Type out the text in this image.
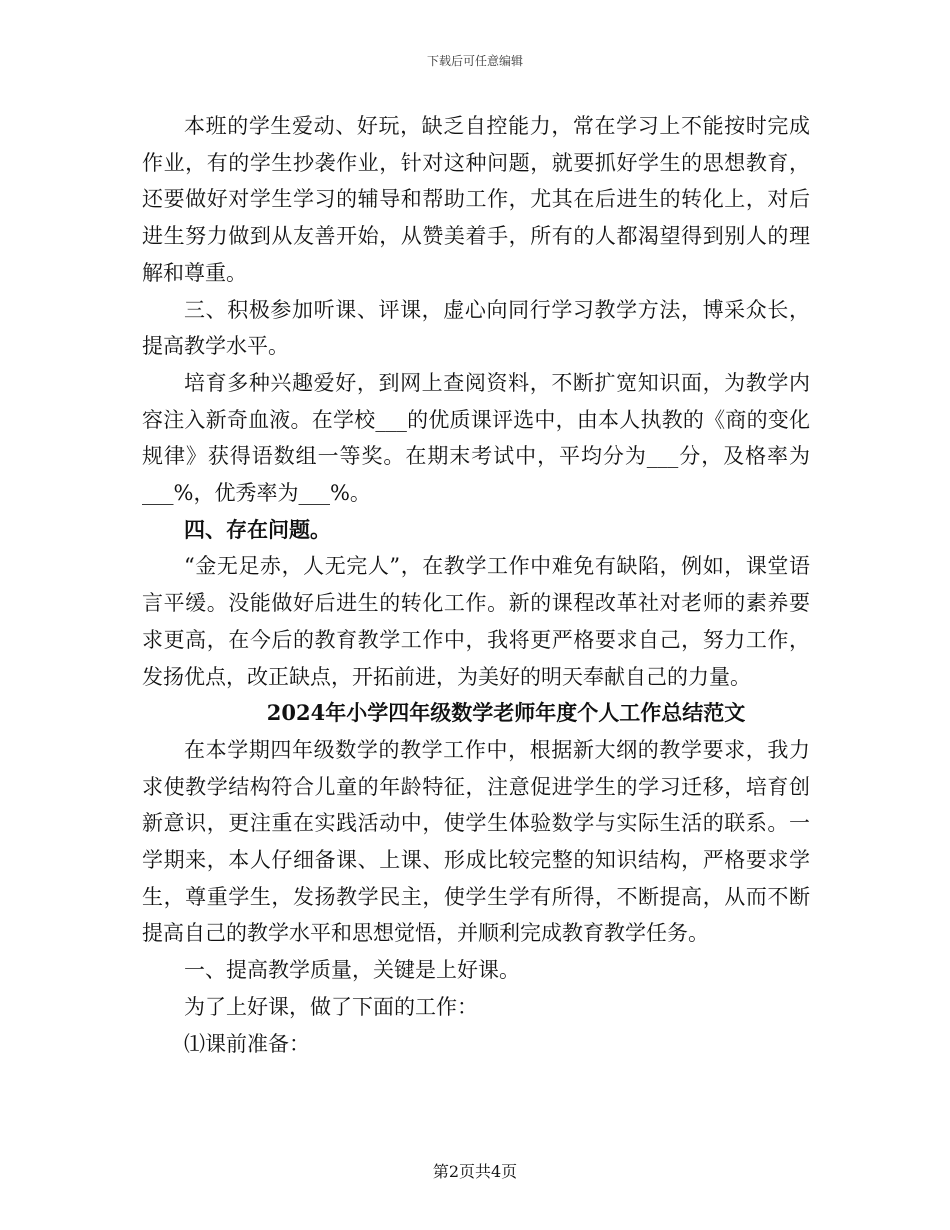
下载后可任意编辑

本班的学生爱动、好玩，缺乏自控能力，常在学习上不能按时完成作业，有的学生抄袭作业，针对这种问题，就要抓好学生的思想教育，还要做好对学生学习的辅导和帮助工作，尤其在后进生的转化上，对后进生努力做到从友善开始，从赞美着手，所有的人都渴望得到别人的理解和尊重。

三、积极参加听课、评课，虚心向同行学习教学方法，博采众长，提高教学水平。

培育多种兴趣爱好，到网上查阅资料，不断扩宽知识面，为教学内容注入新奇血液。在学校___的优质课评选中，由本人执教的《商的变化规律》获得语数组一等奖。在期末考试中，平均分为___分，及格率为___%，优秀率为___%。

四、存在问题。

“金无足赤，人无完人”，在教学工作中难免有缺陷，例如，课堂语言平缓。没能做好后进生的转化工作。新的课程改革社对老师的素养要求更高，在今后的教育教学工作中，我将更严格要求自己，努力工作，发扬优点，改正缺点，开拓前进，为美好的明天奉献自己的力量。

2024年小学四年级数学老师年度个人工作总结范文

在本学期四年级数学的教学工作中，根据新大纲的教学要求，我力求使教学结构符合儿童的年龄特征，注意促进学生的学习迁移，培育创新意识，更注重在实践活动中，使学生体验数学与实际生活的联系。一学期来，本人仔细备课、上课、形成比较完整的知识结构，严格要求学生，尊重学生，发扬教学民主，使学生学有所得，不断提高，从而不断提高自己的教学水平和思想觉悟，并顺利完成教育教学任务。

一、提高教学质量，关键是上好课。

为了上好课，做了下面的工作：

⑴课前准备：

第2页共4页
